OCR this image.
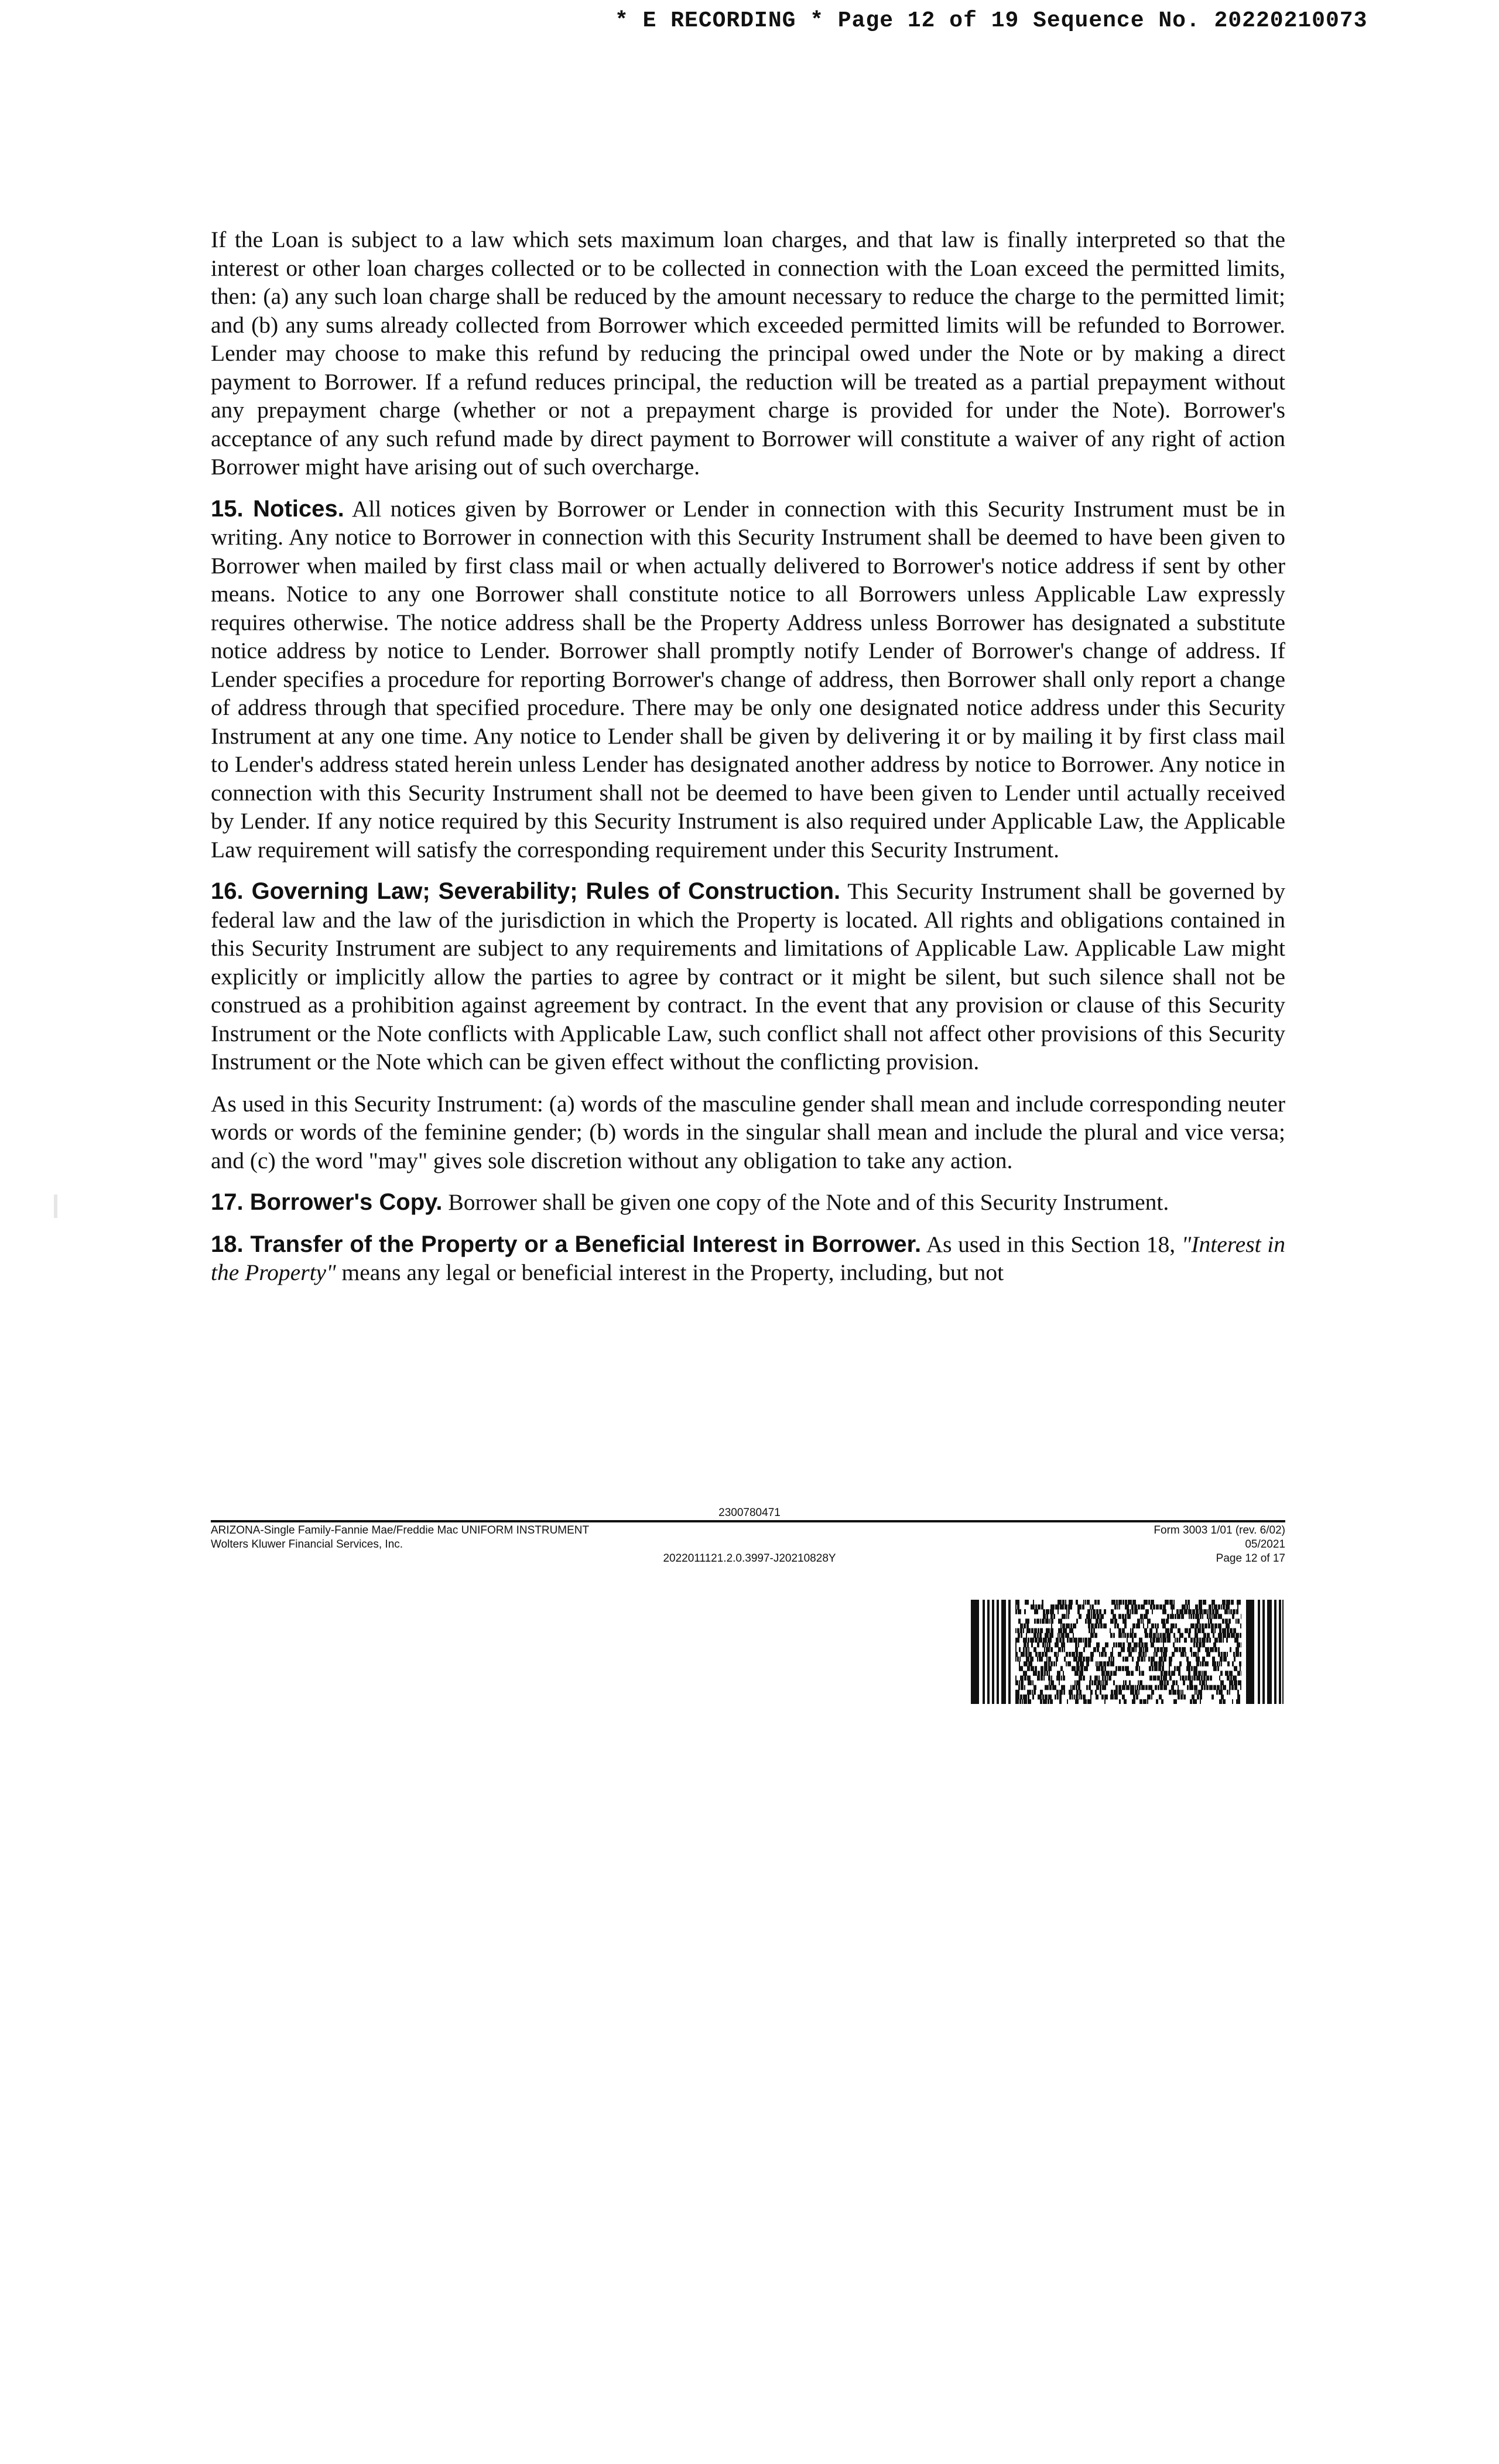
* E RECORDING * Page 12 of 19 Sequence No. 20220210073

If the Loan is subject to a law which sets maximum loan charges, and that law is finally interpreted so that the interest or other loan charges collected or to be collected in connection with the Loan exceed the permitted limits, then: (a) any such loan charge shall be reduced by the amount necessary to reduce the charge to the permitted limit; and (b) any sums already collected from Borrower which exceeded permitted limits will be refunded to Borrower. Lender may choose to make this refund by reducing the principal owed under the Note or by making a direct payment to Borrower. If a refund reduces principal, the reduction will be treated as a partial prepayment without any prepayment charge (whether or not a prepayment charge is provided for under the Note). Borrower's acceptance of any such refund made by direct payment to Borrower will constitute a waiver of any right of action Borrower might have arising out of such overcharge.

15. Notices. All notices given by Borrower or Lender in connection with this Security Instrument must be in writing. Any notice to Borrower in connection with this Security Instrument shall be deemed to have been given to Borrower when mailed by first class mail or when actually delivered to Borrower's notice address if sent by other means. Notice to any one Borrower shall constitute notice to all Borrowers unless Applicable Law expressly requires otherwise. The notice address shall be the Property Address unless Borrower has designated a substitute notice address by notice to Lender. Borrower shall promptly notify Lender of Borrower's change of address. If Lender specifies a procedure for reporting Borrower's change of address, then Borrower shall only report a change of address through that specified procedure. There may be only one designated notice address under this Security Instrument at any one time. Any notice to Lender shall be given by delivering it or by mailing it by first class mail to Lender's address stated herein unless Lender has designated another address by notice to Borrower. Any notice in connection with this Security Instrument shall not be deemed to have been given to Lender until actually received by Lender. If any notice required by this Security Instrument is also required under Applicable Law, the Applicable Law requirement will satisfy the corresponding requirement under this Security Instrument.

16. Governing Law; Severability; Rules of Construction. This Security Instrument shall be governed by federal law and the law of the jurisdiction in which the Property is located. All rights and obligations contained in this Security Instrument are subject to any requirements and limitations of Applicable Law. Applicable Law might explicitly or implicitly allow the parties to agree by contract or it might be silent, but such silence shall not be construed as a prohibition against agreement by contract. In the event that any provision or clause of this Security Instrument or the Note conflicts with Applicable Law, such conflict shall not affect other provisions of this Security Instrument or the Note which can be given effect without the conflicting provision.

As used in this Security Instrument: (a) words of the masculine gender shall mean and include corresponding neuter words or words of the feminine gender; (b) words in the singular shall mean and include the plural and vice versa; and (c) the word "may" gives sole discretion without any obligation to take any action.

17. Borrower's Copy. Borrower shall be given one copy of the Note and of this Security Instrument.

18. Transfer of the Property or a Beneficial Interest in Borrower. As used in this Section 18, "Interest in the Property" means any legal or beneficial interest in the Property, including, but not

2300780471
ARIZONA-Single Family-Fannie Mae/Freddie Mac UNIFORM INSTRUMENT	Form 3003 1/01 (rev. 6/02)
Wolters Kluwer Financial Services, Inc.	05/2021
2022011121.2.0.3997-J20210828Y	Page 12 of 17
